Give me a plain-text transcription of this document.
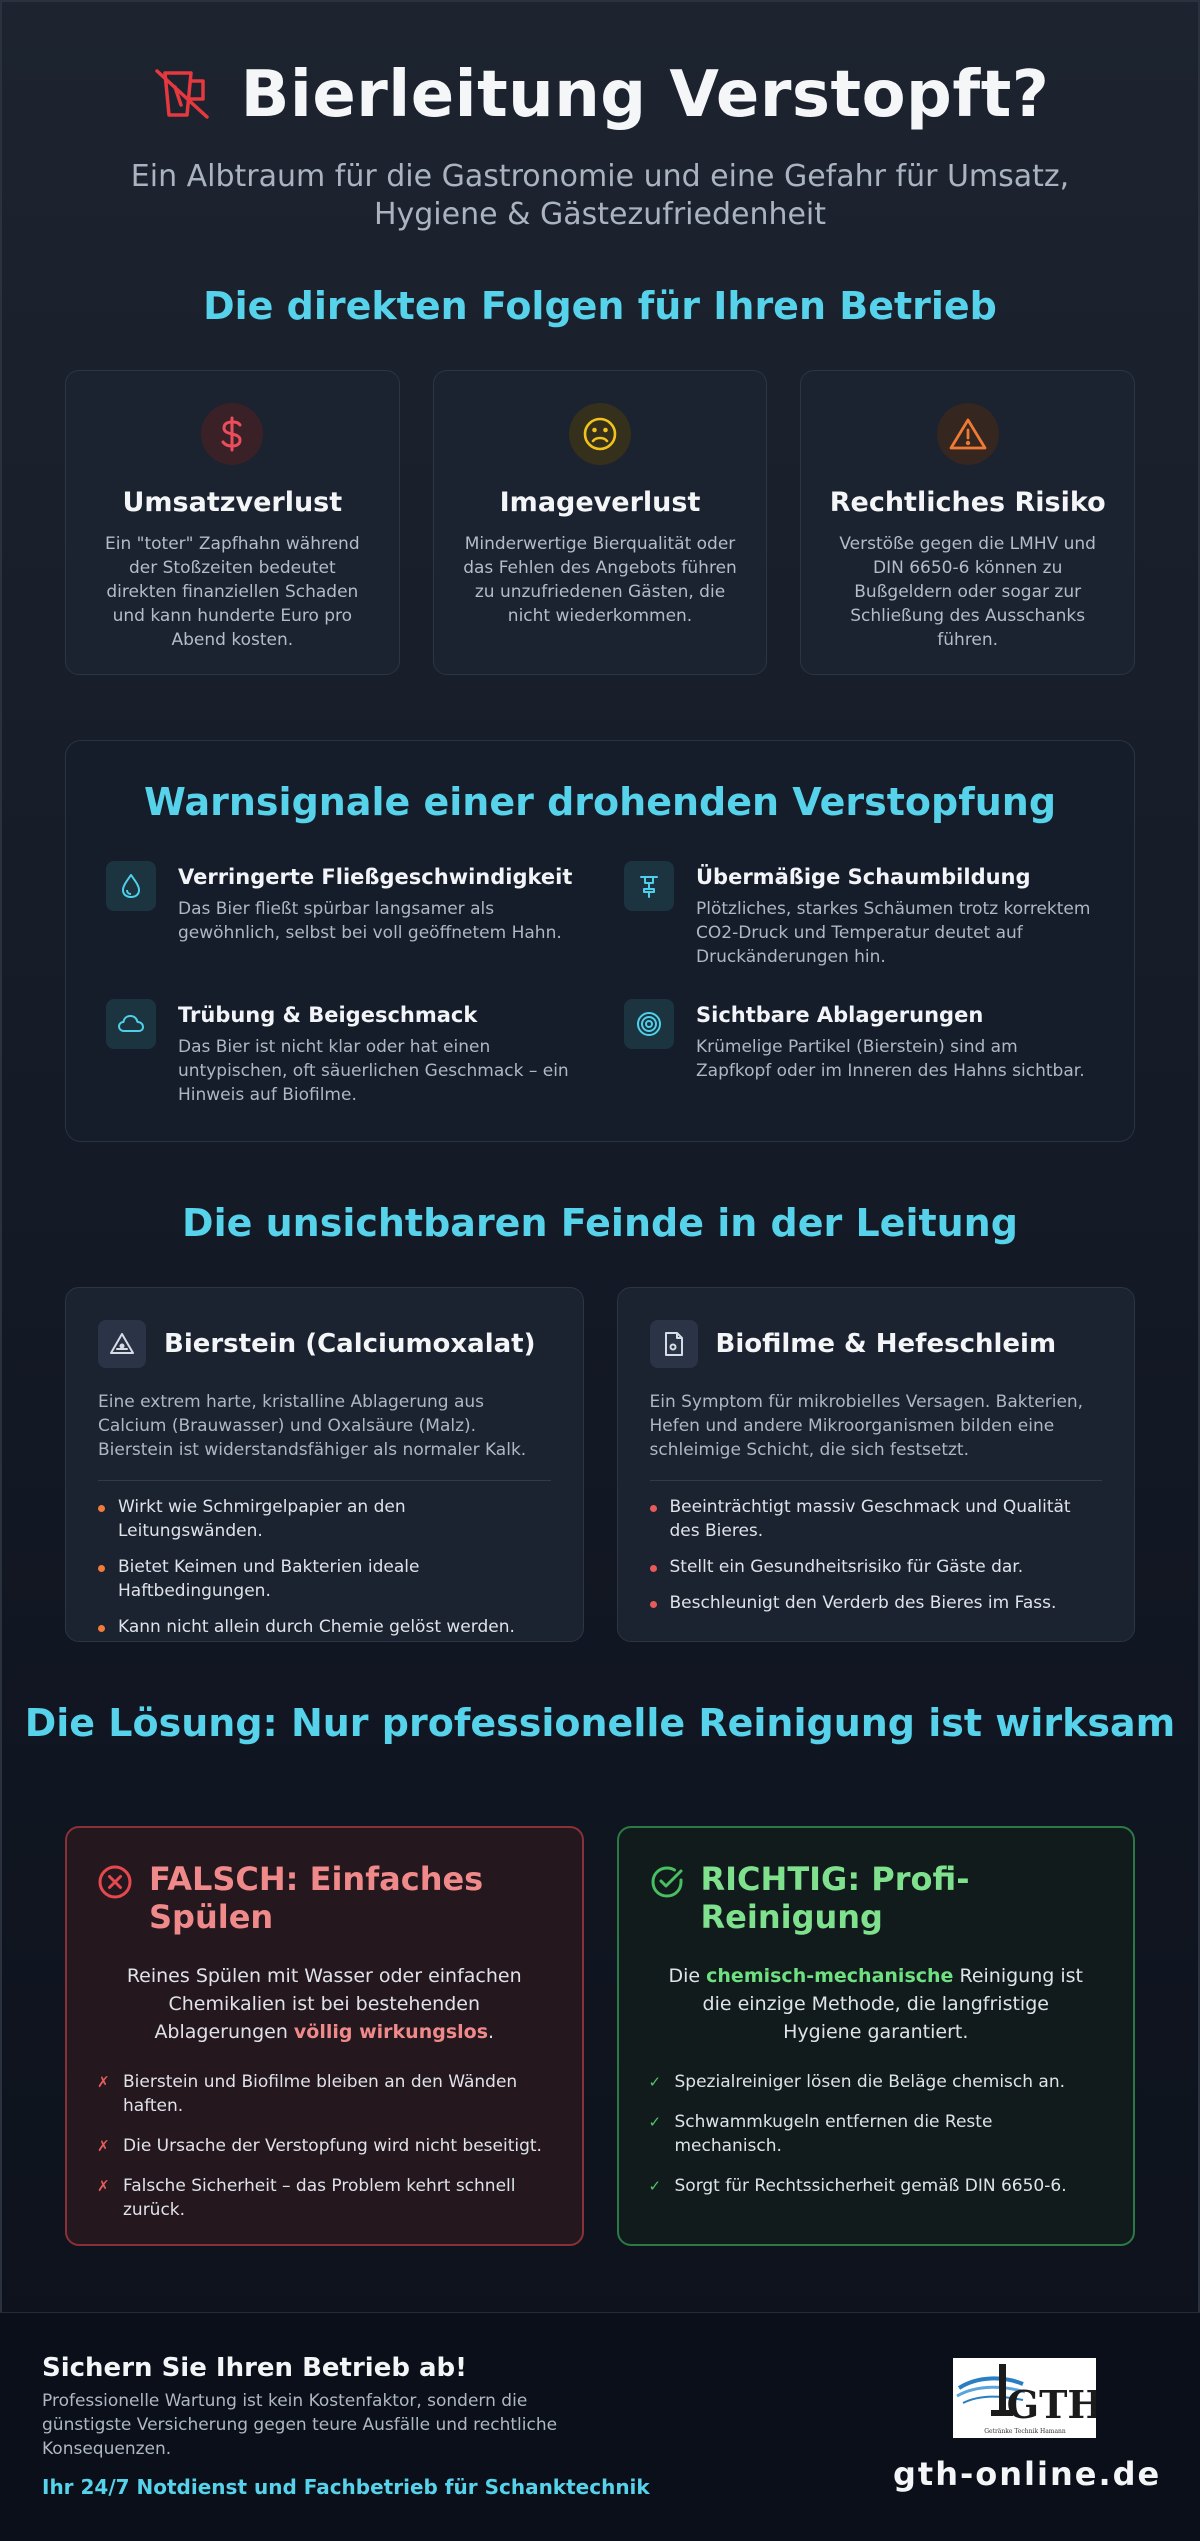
Bierleitung Verstopft?

Ein Albtraum für die Gastronomie und eine Gefahr für Umsatz, Hygiene & Gästezufriedenheit

Die direkten Folgen für Ihren Betrieb
Umsatzverlust

Ein "toter" Zapfhahn während der Stoßzeiten bedeutet direkten finanziellen Schaden und kann hunderte Euro pro Abend kosten.

Imageverlust

Minderwertige Bierqualität oder das Fehlen des Angebots führen zu unzufriedenen Gästen, die nicht wiederkommen.

Rechtliches Risiko

Verstöße gegen die LMHV und DIN 6650-6 können zu Bußgeldern oder sogar zur Schließung des Ausschanks führen.

Warnsignale einer drohenden Verstopfung
Verringerte Fließgeschwindigkeit

Das Bier fließt spürbar langsamer als gewöhnlich, selbst bei voll geöffnetem Hahn.

Übermäßige Schaumbildung

Plötzliches, starkes Schäumen trotz korrektem CO2-Druck und Temperatur deutet auf Druckänderungen hin.

Trübung & Beigeschmack

Das Bier ist nicht klar oder hat einen untypischen, oft säuerlichen Geschmack – ein Hinweis auf Biofilme.

Sichtbare Ablagerungen

Krümelige Partikel (Bierstein) sind am Zapfkopf oder im Inneren des Hahns sichtbar.

Die unsichtbaren Feinde in der Leitung
Bierstein (Calciumoxalat)

Eine extrem harte, kristalline Ablagerung aus Calcium (Brauwasser) und Oxalsäure (Malz). Bierstein ist widerstandsfähiger als normaler Kalk.

Wirkt wie Schmirgelpapier an den Leitungswänden.
Bietet Keimen und Bakterien ideale Haftbedingungen.
Kann nicht allein durch Chemie gelöst werden.
Biofilme & Hefeschleim

Ein Symptom für mikrobielles Versagen. Bakterien, Hefen und andere Mikroorganismen bilden eine schleimige Schicht, die sich festsetzt.

Beeinträchtigt massiv Geschmack und Qualität des Bieres.
Stellt ein Gesundheitsrisiko für Gäste dar.
Beschleunigt den Verderb des Bieres im Fass.
Die Lösung: Nur professionelle Reinigung ist wirksam
FALSCH: Einfaches Spülen

Reines Spülen mit Wasser oder einfachen Chemikalien ist bei bestehenden Ablagerungen völlig wirkungslos.

✗ Bierstein und Biofilme bleiben an den Wänden haften.
✗ Die Ursache der Verstopfung wird nicht beseitigt.
✗ Falsche Sicherheit – das Problem kehrt schnell zurück.
RICHTIG: Profi-Reinigung

Die chemisch-mechanische Reinigung ist die einzige Methode, die langfristige Hygiene garantiert.

✓ Spezialreiniger lösen die Beläge chemisch an.
✓ Schwammkugeln entfernen die Reste mechanisch.
✓ Sorgt für Rechtssicherheit gemäß DIN 6650-6.
Sichern Sie Ihren Betrieb ab!

Professionelle Wartung ist kein Kostenfaktor, sondern die günstigste Versicherung gegen teure Ausfälle und rechtliche Konsequenzen.

Ihr 24/7 Notdienst und Fachbetrieb für Schanktechnik

GTH
Getränke Technik Hamann
gth-online.de
